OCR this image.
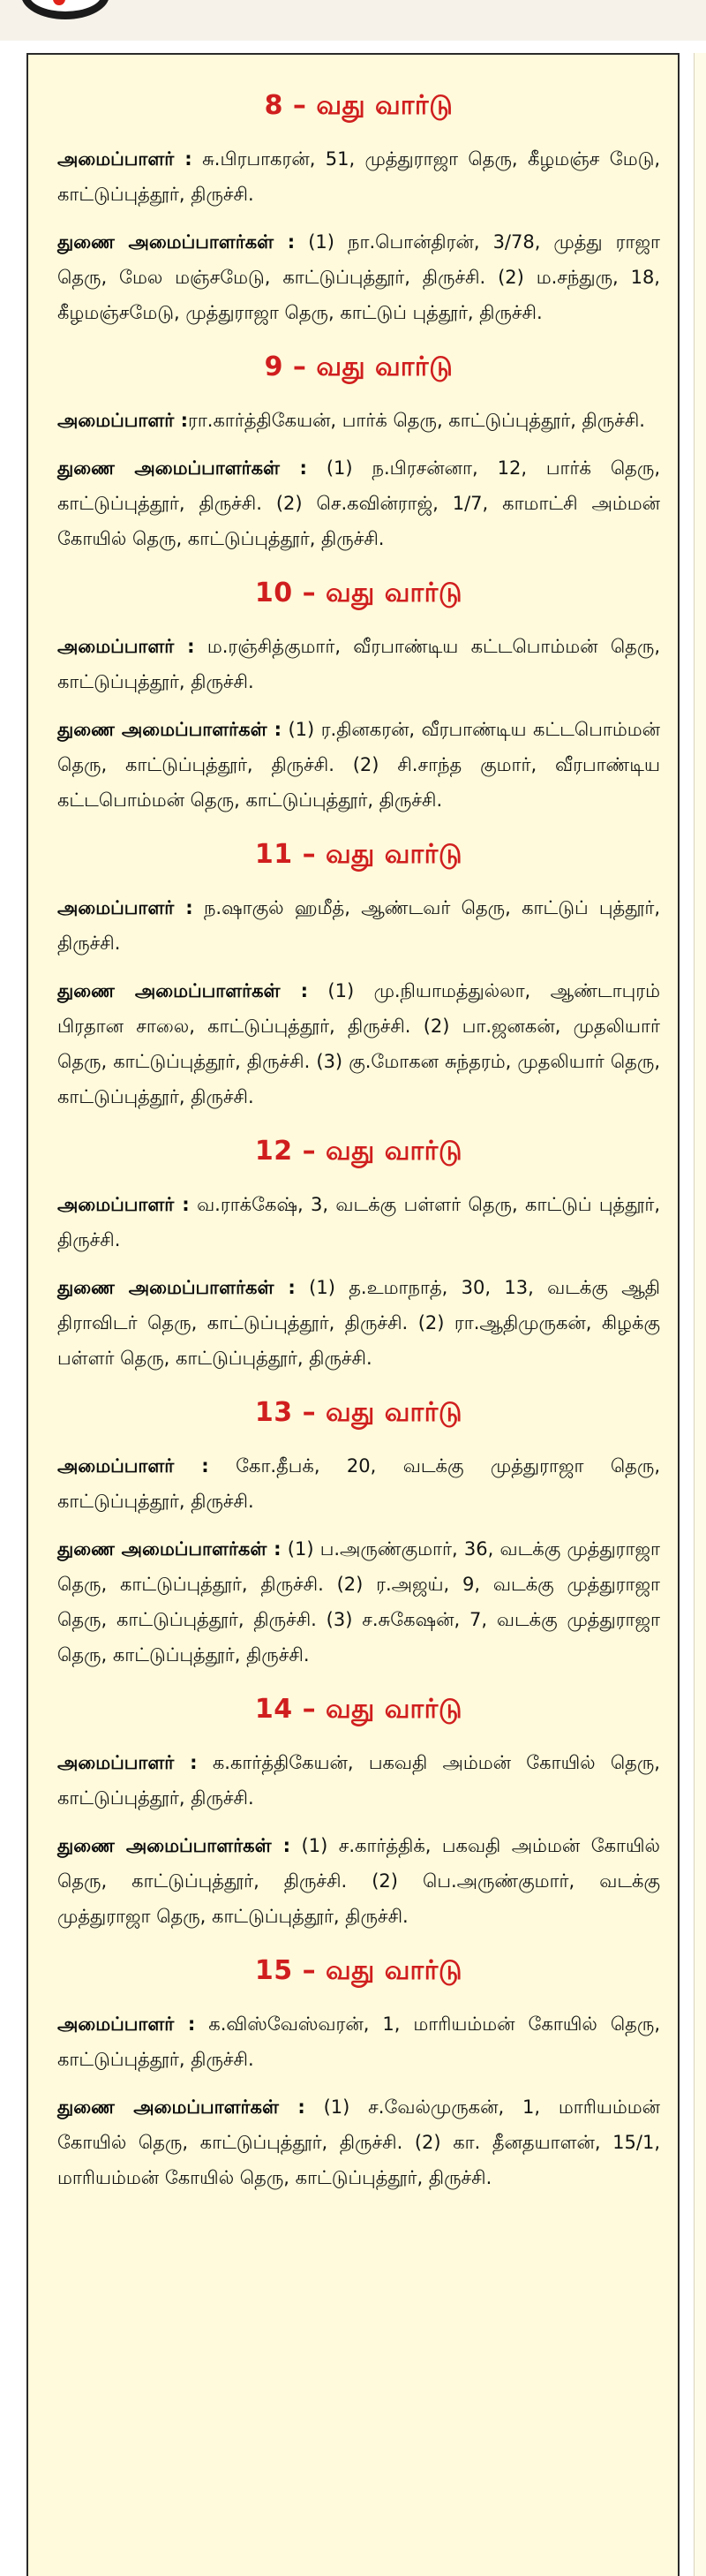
8 – வது வார்டு

அமைப்பாளர் : சு.பிரபாகரன், 51, முத்துராஜா தெரு, கீழமஞ்ச மேடு, காட்டுப்புத்தூர், திருச்சி.

துணை அமைப்பாளர்கள் : (1) நா.பொன்திரன், 3/78, முத்து ராஜா தெரு, மேல மஞ்சமேடு, காட்டுப்புத்தூர், திருச்சி. (2) ம.சந்துரு, 18, கீழமஞ்சமேடு, முத்துராஜா தெரு, காட்டுப் புத்தூர், திருச்சி.

9 – வது வார்டு

அமைப்பாளர் :ரா.கார்த்திகேயன், பார்க் தெரு, காட்டுப்புத்தூர், திருச்சி.

துணை அமைப்பாளர்கள் : (1) ந.பிரசன்னா, 12, பார்க் தெரு, காட்டுப்புத்தூர், திருச்சி. (2) செ.கவின்ராஜ், 1/7, காமாட்சி அம்மன் கோயில் தெரு, காட்டுப்புத்தூர், திருச்சி.

10 – வது வார்டு

அமைப்பாளர் : ம.ரஞ்சித்குமார், வீரபாண்டிய கட்டபொம்மன் தெரு, காட்டுப்புத்தூர், திருச்சி.

துணை அமைப்பாளர்கள் : (1) ர.தினகரன், வீரபாண்டிய கட்டபொம்மன் தெரு, காட்டுப்புத்தூர், திருச்சி. (2) சி.சாந்த குமார், வீரபாண்டிய கட்டபொம்மன் தெரு, காட்டுப்புத்தூர், திருச்சி.

11 – வது வார்டு

அமைப்பாளர் : ந.ஷாகுல் ஹமீத், ஆண்டவர் தெரு, காட்டுப் புத்தூர், திருச்சி.

துணை அமைப்பாளர்கள் : (1) மு.நியாமத்துல்லா, ஆண்டாபுரம் பிரதான சாலை, காட்டுப்புத்தூர், திருச்சி. (2) பா.ஜனகன், முதலியார் தெரு, காட்டுப்புத்தூர், திருச்சி. (3) கு.மோகன சுந்தரம், முதலியார் தெரு, காட்டுப்புத்தூர், திருச்சி.

12 – வது வார்டு

அமைப்பாளர் : வ.ராக்கேஷ், 3, வடக்கு பள்ளர் தெரு, காட்டுப் புத்தூர், திருச்சி.

துணை அமைப்பாளர்கள் : (1) த.உமாநாத், 30, 13, வடக்கு ஆதி திராவிடர் தெரு, காட்டுப்புத்தூர், திருச்சி. (2) ரா.ஆதிமுருகன், கிழக்கு பள்ளர் தெரு, காட்டுப்புத்தூர், திருச்சி.

13 – வது வார்டு

அமைப்பாளர் : கோ.தீபக், 20, வடக்கு முத்துராஜா தெரு, காட்டுப்புத்தூர், திருச்சி.

துணை அமைப்பாளர்கள் : (1) ப.அருண்குமார், 36, வடக்கு முத்துராஜா தெரு, காட்டுப்புத்தூர், திருச்சி. (2) ர.அஜய், 9, வடக்கு முத்துராஜா தெரு, காட்டுப்புத்தூர், திருச்சி. (3) ச.சுகேஷன், 7, வடக்கு முத்துராஜா தெரு, காட்டுப்புத்தூர், திருச்சி.

14 – வது வார்டு

அமைப்பாளர் : க.கார்த்திகேயன், பகவதி அம்மன் கோயில் தெரு, காட்டுப்புத்தூர், திருச்சி.

துணை அமைப்பாளர்கள் : (1) ச.கார்த்திக், பகவதி அம்மன் கோயில் தெரு, காட்டுப்புத்தூர், திருச்சி. (2) பெ.அருண்குமார், வடக்கு முத்துராஜா தெரு, காட்டுப்புத்தூர், திருச்சி.

15 – வது வார்டு

அமைப்பாளர் : க.விஸ்வேஸ்வரன், 1, மாரியம்மன் கோயில் தெரு, காட்டுப்புத்தூர், திருச்சி.

துணை அமைப்பாளர்கள் : (1) ச.வேல்முருகன், 1, மாரியம்மன் கோயில் தெரு, காட்டுப்புத்தூர், திருச்சி. (2) கா. தீனதயாளன், 15/1, மாரியம்மன் கோயில் தெரு, காட்டுப்புத்தூர், திருச்சி.
